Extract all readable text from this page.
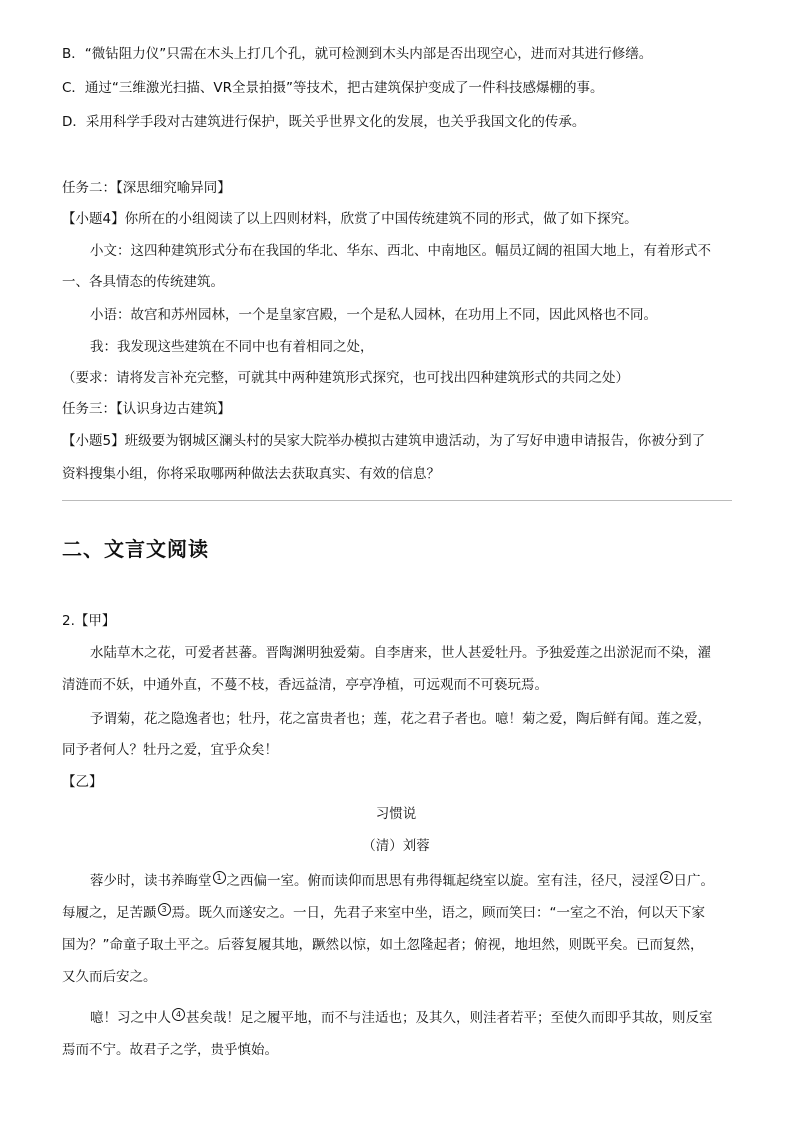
B．“微钻阻力仪”只需在木头上打几个孔，就可检测到木头内部是否出现空心，进而对其进行修缮。
C．通过“三维激光扫描、VR全景拍摄”等技术，把古建筑保护变成了一件科技感爆棚的事。
D．采用科学手段对古建筑进行保护，既关乎世界文化的发展，也关乎我国文化的传承。
任务二：【深思细究喻异同】
【小题4】你所在的小组阅读了以上四则材料，欣赏了中国传统建筑不同的形式，做了如下探究。
小文：这四种建筑形式分布在我国的华北、华东、西北、中南地区。幅员辽阔的祖国大地上，有着形式不
一、各具情态的传统建筑。
小语：故宫和苏州园林，一个是皇家宫殿，一个是私人园林，在功用上不同，因此风格也不同。
我：我发现这些建筑在不同中也有着相同之处，
（要求：请将发言补充完整，可就其中两种建筑形式探究，也可找出四种建筑形式的共同之处）
任务三：【认识身边古建筑】
【小题5】班级要为钢城区澜头村的吴家大院举办模拟古建筑申遗活动，为了写好申遗申请报告，你被分到了
资料搜集小组，你将采取哪两种做法去获取真实、有效的信息？
二、文言文阅读
2.【甲】
水陆草木之花，可爱者甚蕃。晋陶渊明独爱菊。自李唐来，世人甚爱牡丹。予独爱莲之出淤泥而不染，濯
清涟而不妖，中通外直，不蔓不枝，香远益清，亭亭净植，可远观而不可亵玩焉。
予谓菊，花之隐逸者也；牡丹，花之富贵者也；莲，花之君子者也。噫！菊之爱，陶后鲜有闻。莲之爱，
同予者何人？牡丹之爱，宜乎众矣！
【乙】
习惯说
（清）刘蓉
蓉少时，读书养晦堂 1 之西偏一室。俯而读仰而思思有弗得辄起绕室以旋。室有洼，径尺，浸淫 2 日广。
每履之，足苦踬 3 焉。既久而遂安之。一日，先君子来室中坐，语之，顾而笑曰：“一室之不治，何以天下家
国为？”命童子取土平之。后蓉复履其地，蹶然以惊，如土忽隆起者；俯视，地坦然，则既平矣。已而复然，
又久而后安之。
噫！习之中人 4 甚矣哉！足之履平地，而不与洼适也；及其久，则洼者若平；至使久而即乎其故，则反室
焉而不宁。故君子之学，贵乎慎始。
